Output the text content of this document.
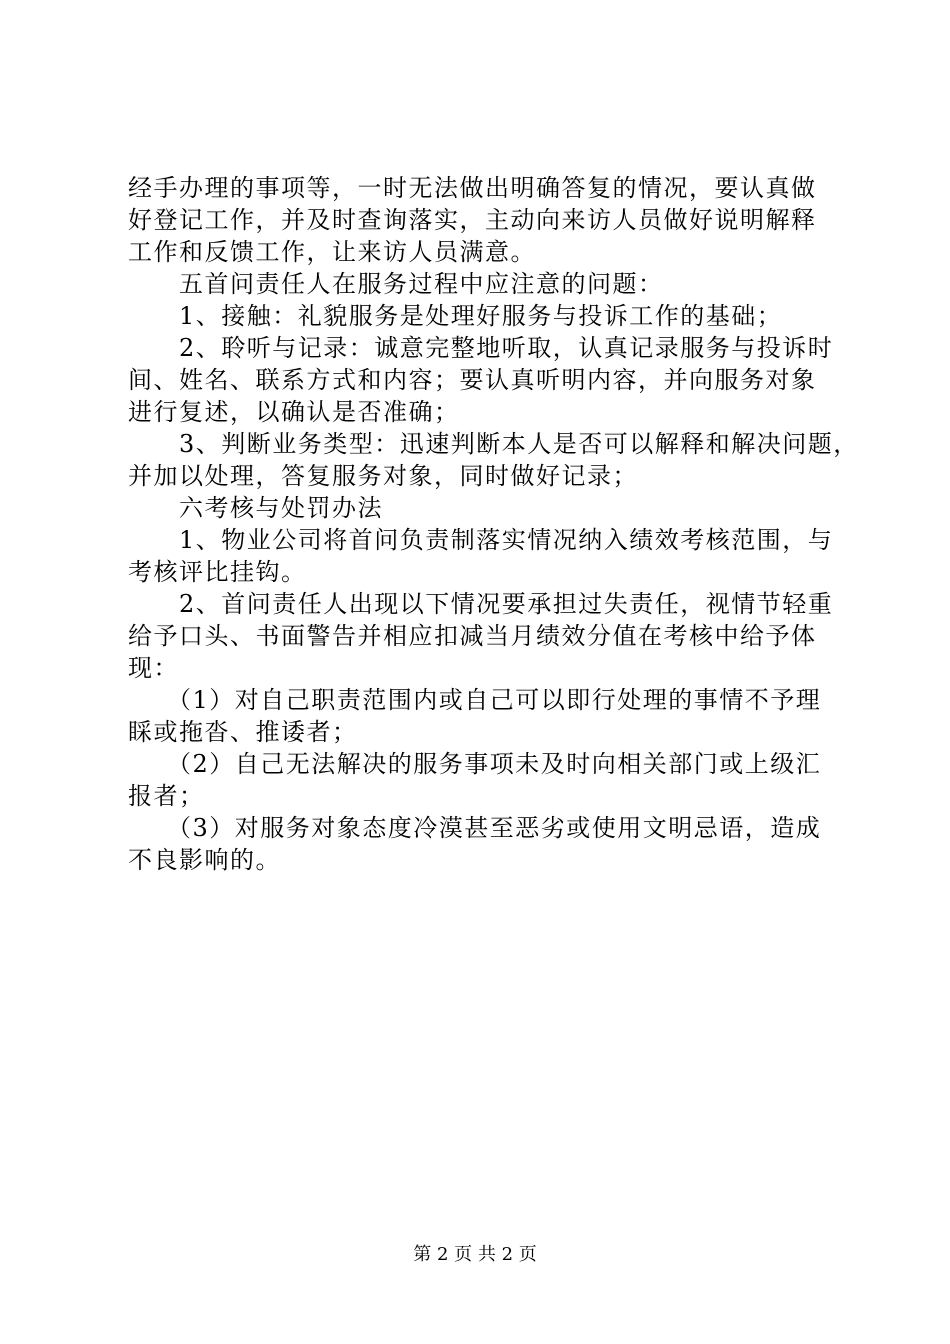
经手办理的事项等，一时无法做出明确答复的情况，要认真做
好登记工作，并及时查询落实，主动向来访人员做好说明解释
工作和反馈工作，让来访人员满意。
　　五首问责任人在服务过程中应注意的问题：
　　1、接触：礼貌服务是处理好服务与投诉工作的基础；
　　2、聆听与记录：诚意完整地听取，认真记录服务与投诉时
间、姓名、联系方式和内容；要认真听明内容，并向服务对象
进行复述，以确认是否准确；
　　3、判断业务类型：迅速判断本人是否可以解释和解决问题，
并加以处理，答复服务对象，同时做好记录；
　　六考核与处罚办法
　　1、物业公司将首问负责制落实情况纳入绩效考核范围，与
考核评比挂钩。
　　2、首问责任人出现以下情况要承担过失责任，视情节轻重
给予口头、书面警告并相应扣减当月绩效分值在考核中给予体
现：
　　（1）对自己职责范围内或自己可以即行处理的事情不予理
睬或拖沓、推诿者；
　　（2）自己无法解决的服务事项未及时向相关部门或上级汇
报者；
　　（3）对服务对象态度冷漠甚至恶劣或使用文明忌语，造成
不良影响的。
第 2 页 共 2 页
